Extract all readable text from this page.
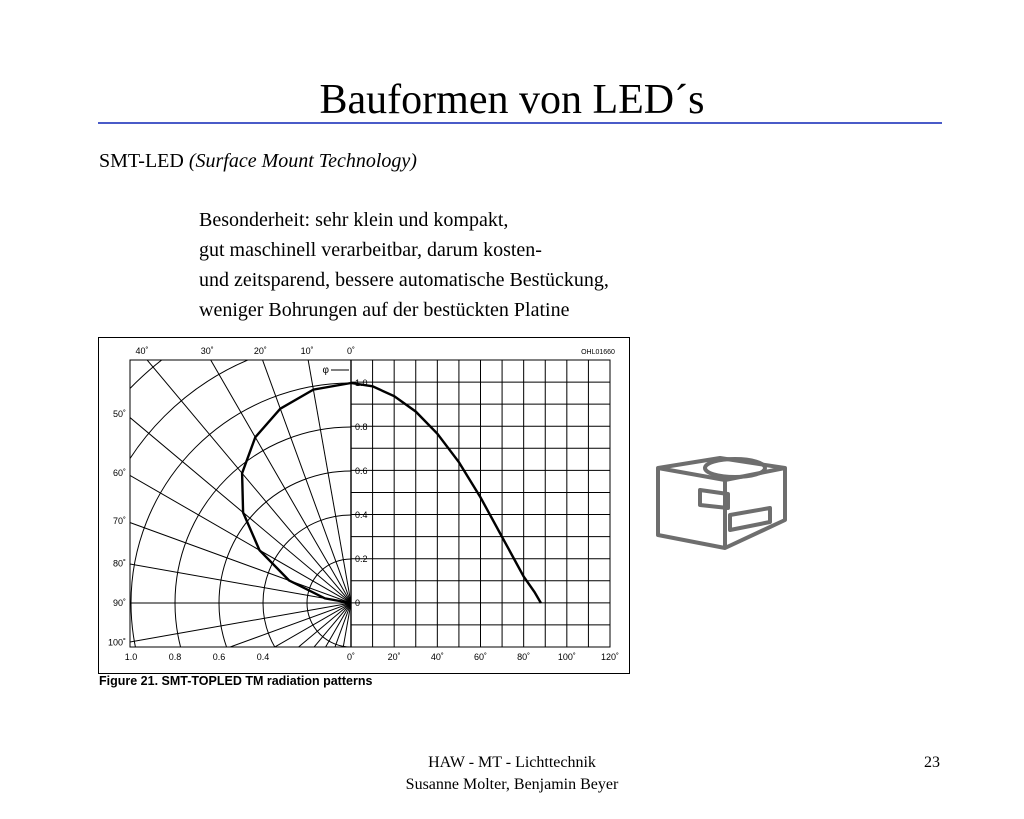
Bauformen von LED´s
SMT-LED (Surface Mount Technology)
Besonderheit: sehr klein und kompakt,
gut maschinell verarbeitbar, darum kosten-
und zeitsparend, bessere automatische Bestückung,
weniger Bohrungen auf der bestückten Platine
OHL01660
40˚	30˚	20˚	10˚	0˚
50˚
60˚
70˚
80˚
90˚
100˚
1.0	0.8	0.6	0.4	0˚	20˚	40˚	60˚	80˚	100˚	120˚
1.0
0.8
0.6
0.4
0.2
0
φ
Figure 21. SMT-TOPLED TM radiation patterns
HAW - MT - Lichttechnik
Susanne Molter, Benjamin Beyer
23
